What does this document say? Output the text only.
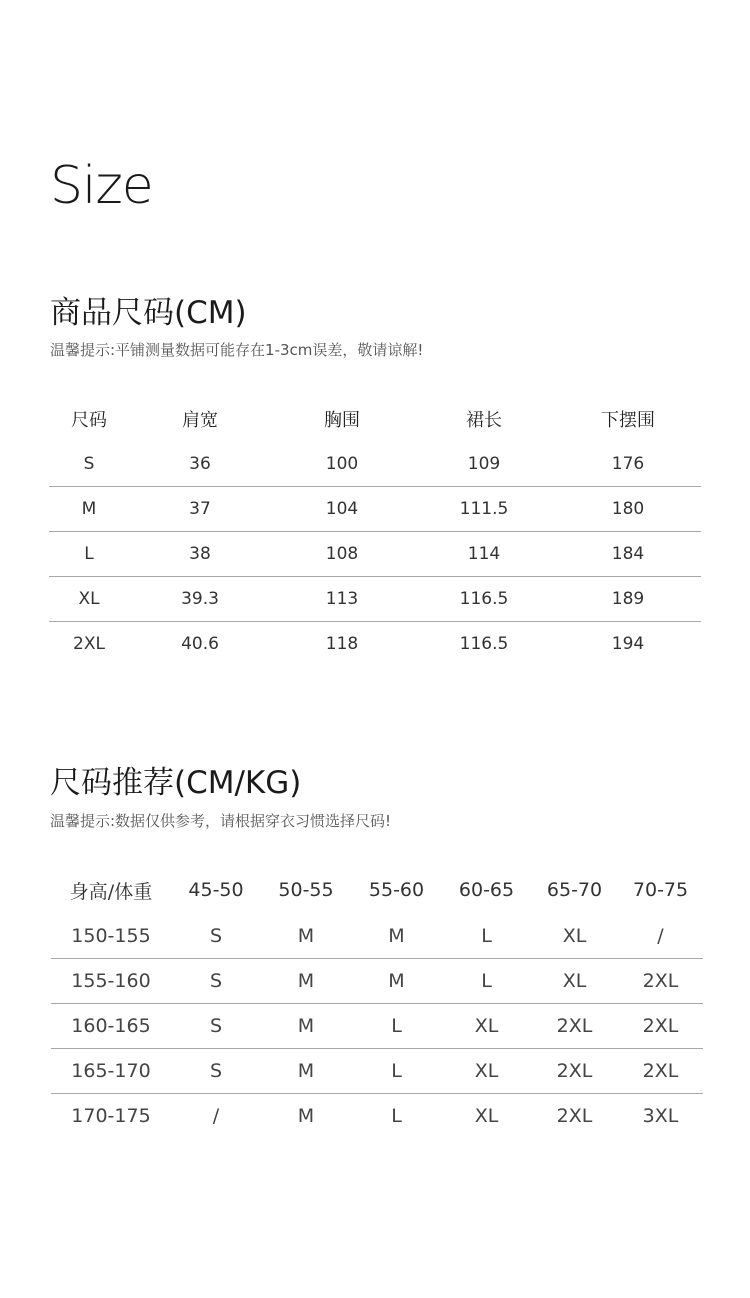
Size
商品尺码(CM)

温馨提示:平铺测量数据可能存在1-3cm误差，敬请谅解!

尺码	肩宽	胸围	裙长	下摆围
S	36	100	109	176
M	37	104	111.5	180
L	38	108	114	184
XL	39.3	113	116.5	189
2XL	40.6	118	116.5	194
尺码推荐(CM/KG)

温馨提示:数据仅供参考，请根据穿衣习惯选择尺码!

身高/体重	45-50	50-55	55-60	60-65	65-70	70-75
150-155	S	M	M	L	XL	/
155-160	S	M	M	L	XL	2XL
160-165	S	M	L	XL	2XL	2XL
165-170	S	M	L	XL	2XL	2XL
170-175	/	M	L	XL	2XL	3XL
